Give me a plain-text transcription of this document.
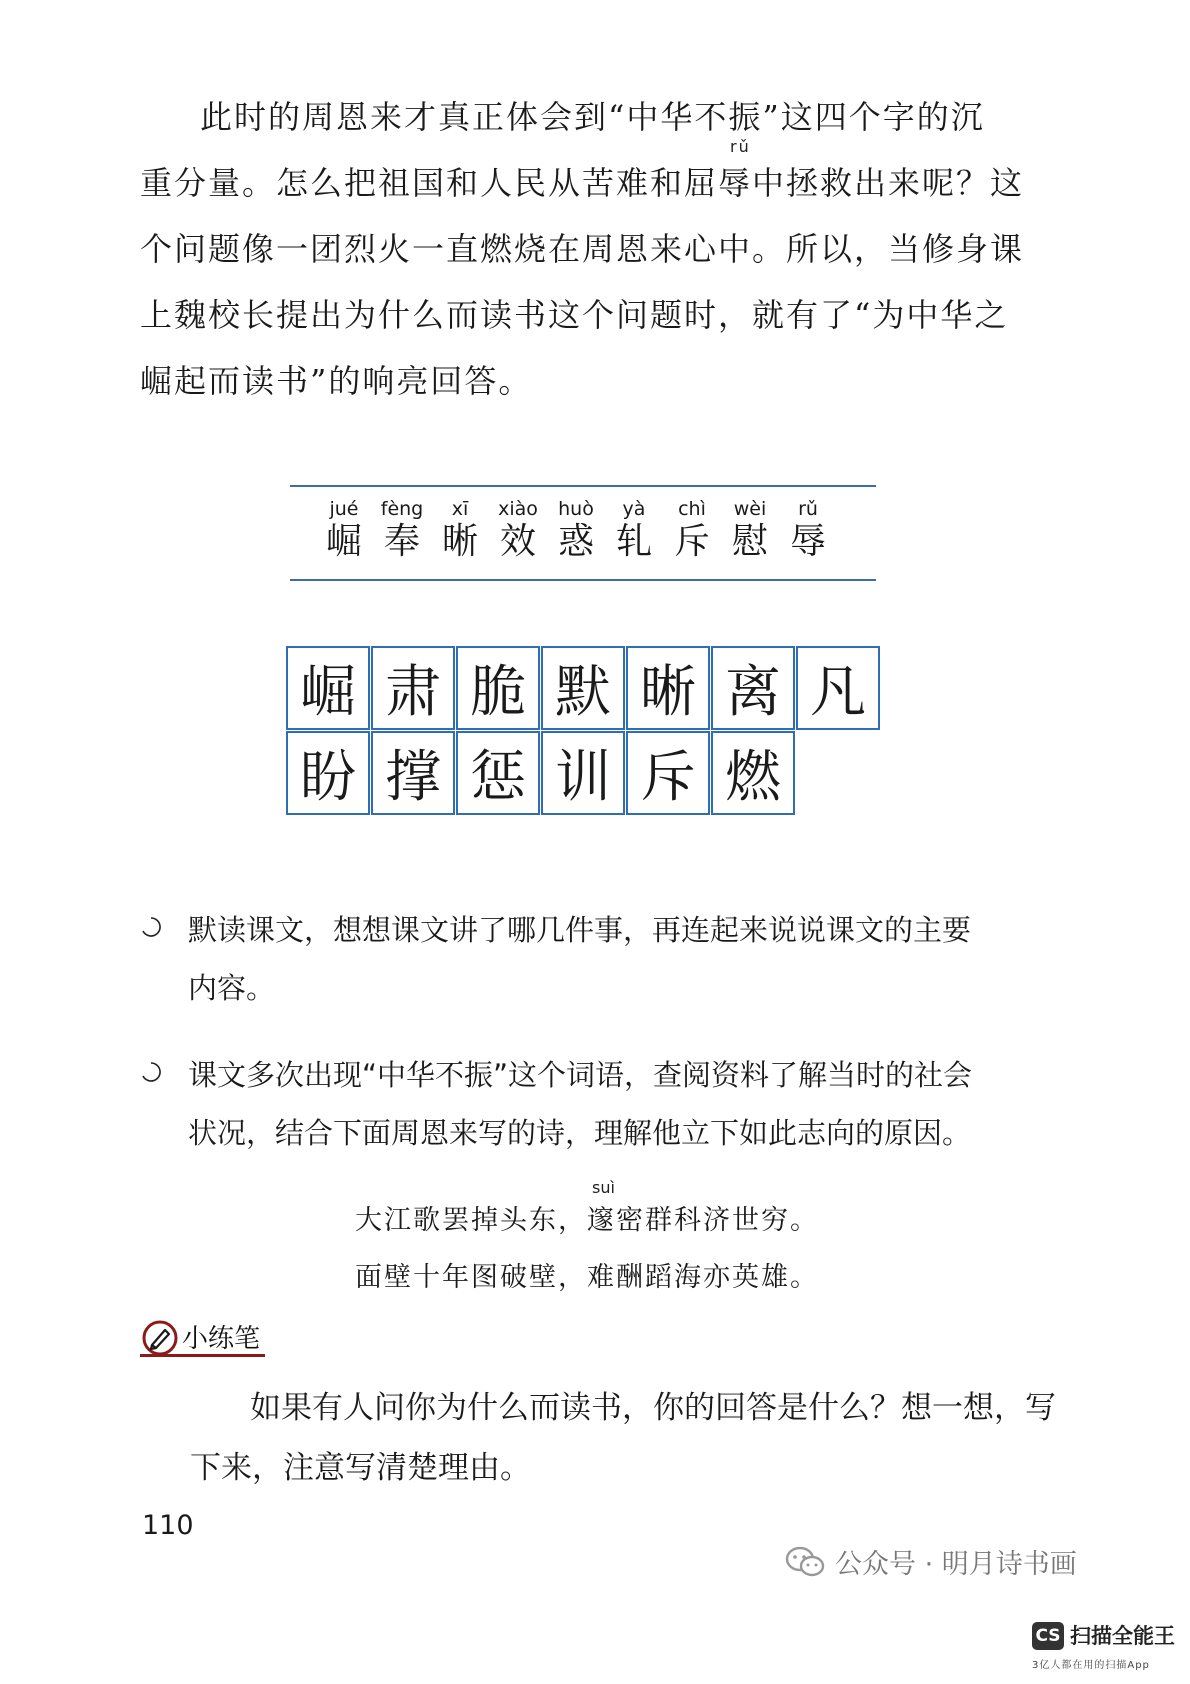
此时的周恩来才真正体会到“中华不振”这四个字的沉
rǔ
重分量。怎么把祖国和人民从苦难和屈辱中拯救出来呢？这
个问题像一团烈火一直燃烧在周恩来心中。所以，当修身课
上魏校长提出为什么而读书这个问题时，就有了“为中华之
崛起而读书”的响亮回答。
jué
崛
fèng
奉
xī
晰
xiào
效
huò
惑
yà
轧
chì
斥
wèi
慰
rǔ
辱
崛 肃 脆 默 晰 离 凡
盼 撑 惩 训 斥 燃
默读课文，想想课文讲了哪几件事，再连起来说说课文的主要
内容。
课文多次出现“中华不振”这个词语，查阅资料了解当时的社会
状况，结合下面周恩来写的诗，理解他立下如此志向的原因。
suì
大江歌罢掉头东，邃密群科济世穷。
面壁十年图破壁，难酬蹈海亦英雄。
小练笔
如果有人问你为什么而读书，你的回答是什么？想一想，写
下来，注意写清楚理由。
110
公众号 · 明月诗书画
CS 扫描全能王
3亿人都在用的扫描App
